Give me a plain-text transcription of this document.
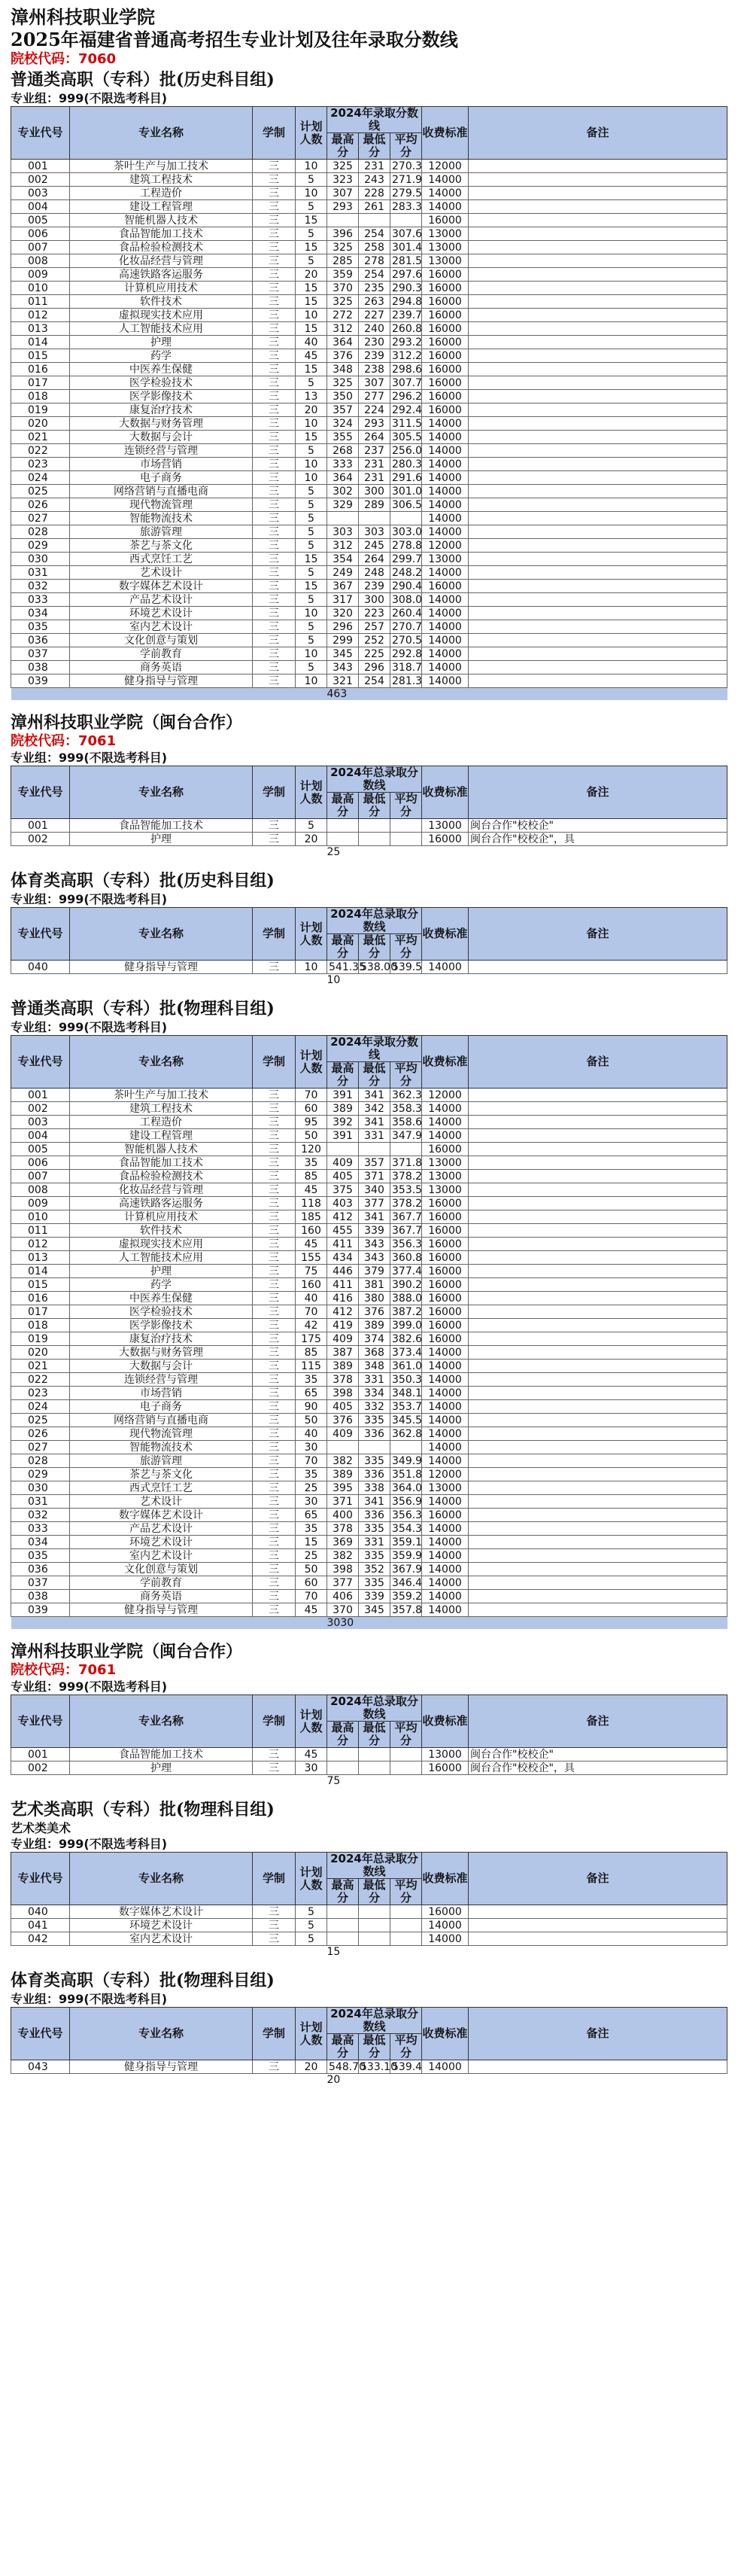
漳州科技职业学院
2025年福建省普通高考招生专业计划及往年录取分数线
院校代码：7060
普通类高职（专科）批(历史科目组)
专业组：999(不限选考科目)
专业代号	专业名称	学制	计划人数	2024年录取分数线			收费标准	备注
				最高分	最低分	平均分		
001	茶叶生产与加工技术	三	10	325	231	270.3	12000	
002	建筑工程技术	三	5	323	243	271.9	14000	
003	工程造价	三	10	307	228	279.5	14000	
004	建设工程管理	三	5	293	261	283.3	14000	
005	智能机器人技术	三	15				16000	
006	食品智能加工技术	三	5	396	254	307.6	13000	
007	食品检验检测技术	三	15	325	258	301.4	13000	
008	化妆品经营与管理	三	5	285	278	281.5	13000	
009	高速铁路客运服务	三	20	359	254	297.6	16000	
010	计算机应用技术	三	15	370	235	290.3	16000	
011	软件技术	三	15	325	263	294.8	16000	
012	虚拟现实技术应用	三	10	272	227	239.7	16000	
013	人工智能技术应用	三	15	312	240	260.8	16000	
014	护理	三	40	364	230	293.2	16000	
015	药学	三	45	376	239	312.2	16000	
016	中医养生保健	三	15	348	238	298.6	16000	
017	医学检验技术	三	5	325	307	307.7	16000	
018	医学影像技术	三	13	350	277	296.2	16000	
019	康复治疗技术	三	20	357	224	292.4	16000	
020	大数据与财务管理	三	10	324	293	311.5	14000	
021	大数据与会计	三	15	355	264	305.5	14000	
022	连锁经营与管理	三	5	268	237	256.0	14000	
023	市场营销	三	10	333	231	280.3	14000	
024	电子商务	三	10	364	231	291.6	14000	
025	网络营销与直播电商	三	5	302	300	301.0	14000	
026	现代物流管理	三	5	329	289	306.5	14000	
027	智能物流技术	三	5				14000	
028	旅游管理	三	5	303	303	303.0	14000	
029	茶艺与茶文化	三	5	312	245	278.8	12000	
030	西式烹饪工艺	三	15	354	264	299.7	13000	
031	艺术设计	三	5	249	248	248.2	14000	
032	数字媒体艺术设计	三	15	367	239	290.4	16000	
033	产品艺术设计	三	5	317	300	308.0	14000	
034	环境艺术设计	三	10	320	223	260.4	14000	
035	室内艺术设计	三	5	296	257	270.7	14000	
036	文化创意与策划	三	5	299	252	270.5	14000	
037	学前教育	三	10	345	225	292.8	14000	
038	商务英语	三	5	343	296	318.7	14000	
039	健身指导与管理	三	10	321	254	281.3	14000	
463								
漳州科技职业学院（闽台合作）
院校代码：7061
专业组：999(不限选考科目)
专业代号	专业名称	学制	计划人数	2024年总录取分数线			收费标准	备注
				最高分	最低分	平均分		
001	食品智能加工技术	三	5				13000	闽台合作"校校企"
002	护理	三	20				16000	闽台合作"校校企"，具
25								
体育类高职（专科）批(历史科目组)
专业组：999(不限选考科目)
专业代号	专业名称	学制	计划人数	2024年总录取分数线			收费标准	备注
				最高分	最低分	平均分		
040	健身指导与管理	三	10	541.35	538.00	539.5	14000	
10								
普通类高职（专科）批(物理科目组)
专业组：999(不限选考科目)
专业代号	专业名称	学制	计划人数	2024年录取分数线			收费标准	备注
				最高分	最低分	平均分		
001	茶叶生产与加工技术	三	70	391	341	362.3	12000	
002	建筑工程技术	三	60	389	342	358.3	14000	
003	工程造价	三	95	392	341	358.6	14000	
004	建设工程管理	三	50	391	331	347.9	14000	
005	智能机器人技术	三	120				16000	
006	食品智能加工技术	三	35	409	357	371.8	13000	
007	食品检验检测技术	三	85	405	371	378.2	13000	
008	化妆品经营与管理	三	45	375	340	353.5	13000	
009	高速铁路客运服务	三	118	403	377	378.2	16000	
010	计算机应用技术	三	185	412	341	367.7	16000	
011	软件技术	三	160	455	339	367.7	16000	
012	虚拟现实技术应用	三	45	411	343	356.3	16000	
013	人工智能技术应用	三	155	434	343	360.8	16000	
014	护理	三	75	446	379	377.4	16000	
015	药学	三	160	411	381	390.2	16000	
016	中医养生保健	三	40	416	380	388.0	16000	
017	医学检验技术	三	70	412	376	387.2	16000	
018	医学影像技术	三	42	419	389	399.0	16000	
019	康复治疗技术	三	175	409	374	382.6	16000	
020	大数据与财务管理	三	85	387	368	373.4	14000	
021	大数据与会计	三	115	389	348	361.0	14000	
022	连锁经营与管理	三	35	378	331	350.3	14000	
023	市场营销	三	65	398	334	348.1	14000	
024	电子商务	三	90	405	332	353.7	14000	
025	网络营销与直播电商	三	50	376	335	345.5	14000	
026	现代物流管理	三	40	409	336	362.8	14000	
027	智能物流技术	三	30				14000	
028	旅游管理	三	70	382	335	349.9	14000	
029	茶艺与茶文化	三	35	389	336	351.8	12000	
030	西式烹饪工艺	三	25	395	338	364.0	13000	
031	艺术设计	三	30	371	341	356.9	14000	
032	数字媒体艺术设计	三	65	400	336	356.3	16000	
033	产品艺术设计	三	35	378	335	354.3	14000	
034	环境艺术设计	三	15	369	331	359.1	14000	
035	室内艺术设计	三	25	382	335	359.9	14000	
036	文化创意与策划	三	50	398	352	367.9	14000	
037	学前教育	三	60	377	335	346.4	14000	
038	商务英语	三	70	406	339	359.2	14000	
039	健身指导与管理	三	45	370	345	357.8	14000	
3030								
漳州科技职业学院（闽台合作）
院校代码：7061
专业组：999(不限选考科目)
专业代号	专业名称	学制	计划人数	2024年总录取分数线			收费标准	备注
				最高分	最低分	平均分		
001	食品智能加工技术	三	45				13000	闽台合作"校校企"
002	护理	三	30				16000	闽台合作"校校企"，具
75								
艺术类高职（专科）批(物理科目组)
艺术类美术
专业组：999(不限选考科目)
专业代号	专业名称	学制	计划人数	2024年总录取分数线			收费标准	备注
				最高分	最低分	平均分		
040	数字媒体艺术设计	三	5				16000	
041	环境艺术设计	三	5				14000	
042	室内艺术设计	三	5				14000	
15								
体育类高职（专科）批(物理科目组)
专业组：999(不限选考科目)
专业代号	专业名称	学制	计划人数	2024年总录取分数线			收费标准	备注
				最高分	最低分	平均分		
043	健身指导与管理	三	20	548.70	533.10	539.4	14000	
20								
